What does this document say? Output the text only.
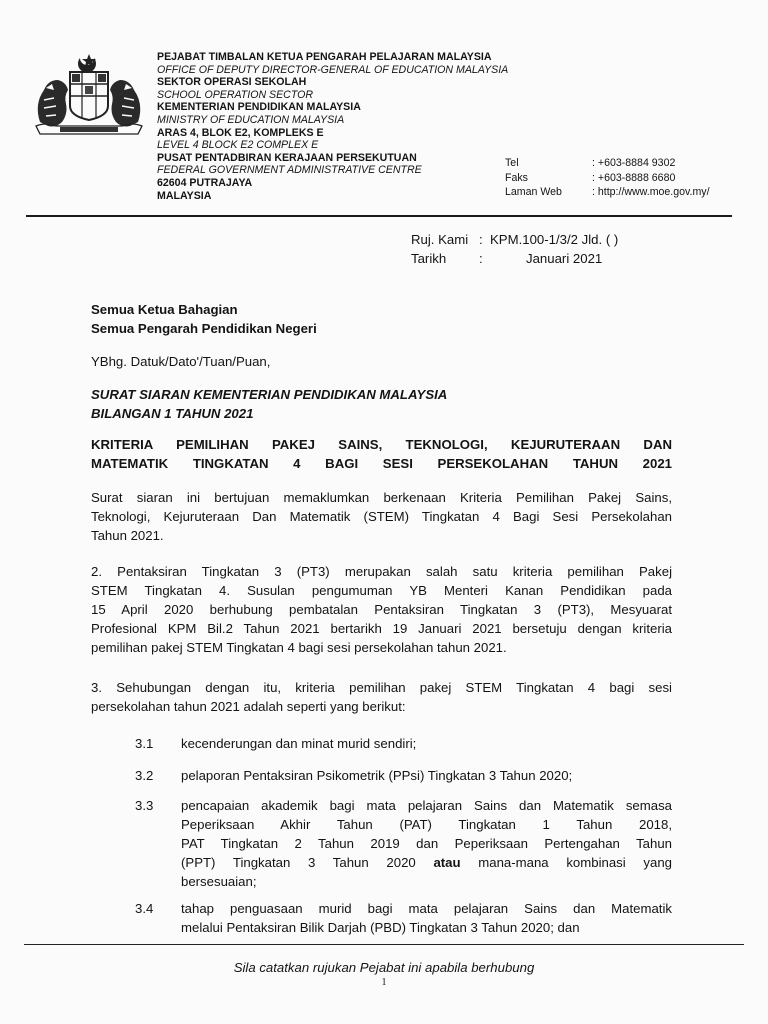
PEJABAT TIMBALAN KETUA PENGARAH PELAJARAN MALAYSIA
OFFICE OF DEPUTY DIRECTOR-GENERAL OF EDUCATION MALAYSIA
SEKTOR OPERASI SEKOLAH
SCHOOL OPERATION SECTOR
KEMENTERIAN PENDIDIKAN MALAYSIA
MINISTRY OF EDUCATION MALAYSIA
ARAS 4, BLOK E2, KOMPLEKS E
LEVEL 4 BLOCK E2 COMPLEX E
PUSAT PENTADBIRAN KERAJAAN PERSEKUTUAN
FEDERAL GOVERNMENT ADMINISTRATIVE CENTRE
62604 PUTRAJAYA
MALAYSIA
Tel
Faks
Laman Web
: +603-8884 9302
: +603-8888 6680
: http://www.moe.gov.my/
Ruj. Kami : KPM.100-1/3/2 Jld. ( )
Tarikh :	Januari 2021
Semua Ketua Bahagian
Semua Pengarah Pendidikan Negeri
YBhg. Datuk/Dato'/Tuan/Puan,
SURAT SIARAN KEMENTERIAN PENDIDIKAN MALAYSIA
BILANGAN 1 TAHUN 2021
KRITERIA PEMILIHAN PAKEJ SAINS, TEKNOLOGI, KEJURUTERAAN DAN
MATEMATIK TINGKATAN 4 BAGI SESI PERSEKOLAHAN TAHUN 2021
Surat siaran ini bertujuan memaklumkan berkenaan Kriteria Pemilihan Pakej Sains,
Teknologi, Kejuruteraan Dan Matematik (STEM) Tingkatan 4 Bagi Sesi Persekolahan
Tahun 2021.
2. Pentaksiran Tingkatan 3 (PT3) merupakan salah satu kriteria pemilihan Pakej
STEM Tingkatan 4. Susulan pengumuman YB Menteri Kanan Pendidikan pada
15 April 2020 berhubung pembatalan Pentaksiran Tingkatan 3 (PT3), Mesyuarat
Profesional KPM Bil.2 Tahun 2021 bertarikh 19 Januari 2021 bersetuju dengan kriteria
pemilihan pakej STEM Tingkatan 4 bagi sesi persekolahan tahun 2021.
3. Sehubungan dengan itu, kriteria pemilihan pakej STEM Tingkatan 4 bagi sesi
persekolahan tahun 2021 adalah seperti yang berikut:
3.1 kecenderungan dan minat murid sendiri;
3.2 pelaporan Pentaksiran Psikometrik (PPsi) Tingkatan 3 Tahun 2020;
3.3 pencapaian akademik bagi mata pelajaran Sains dan Matematik semasa
Peperiksaan Akhir Tahun (PAT) Tingkatan 1 Tahun 2018,
PAT Tingkatan 2 Tahun 2019 dan Peperiksaan Pertengahan Tahun
(PPT) Tingkatan 3 Tahun 2020 atau mana-mana kombinasi yang
bersesuaian;
3.4 tahap penguasaan murid bagi mata pelajaran Sains dan Matematik
melalui Pentaksiran Bilik Darjah (PBD) Tingkatan 3 Tahun 2020; dan
Sila catatkan rujukan Pejabat ini apabila berhubung
1
